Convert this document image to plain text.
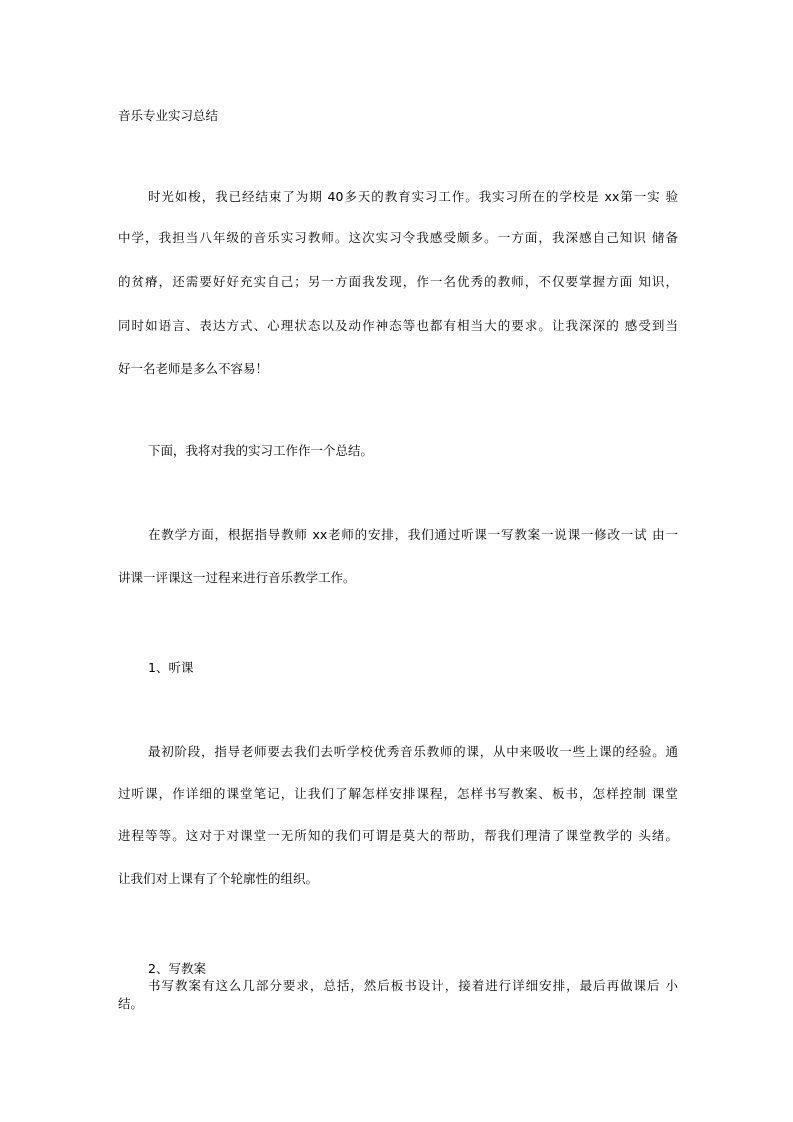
音乐专业实习总结
时光如梭，我已经结束了为期 40多天的教育实习工作。我实习所在的学校是 xx第一实 验
中学，我担当八年级的音乐实习教师。这次实习令我感受颇多。一方面，我深感自己知识 储备
的贫瘠，还需要好好充实自己；另一方面我发现，作一名优秀的教师，不仅要掌握方面 知识，
同时如语言、表达方式、心理状态以及动作神态等也都有相当大的要求。让我深深的 感受到当
好一名老师是多么不容易！
下面，我将对我的实习工作作一个总结。
在教学方面，根据指导教师 xx老师的安排，我们通过听课一写教案一说课一修改一试 由一
讲课一评课这一过程来进行音乐教学工作。
1、听课
最初阶段，指导老师要去我们去听学校优秀音乐教师的课，从中来吸收一些上课的经验。通
过听课，作详细的课堂笔记，让我们了解怎样安排课程，怎样书写教案、板书，怎样控制 课堂
进程等等。这对于对课堂一无所知的我们可谓是莫大的帮助，帮我们理清了课堂教学的 头绪。
让我们对上课有了个轮廓性的组织。
2、写教案
书写教案有这么几部分要求，总括，然后板书设计，接着进行详细安排，最后再做课后 小
结。
